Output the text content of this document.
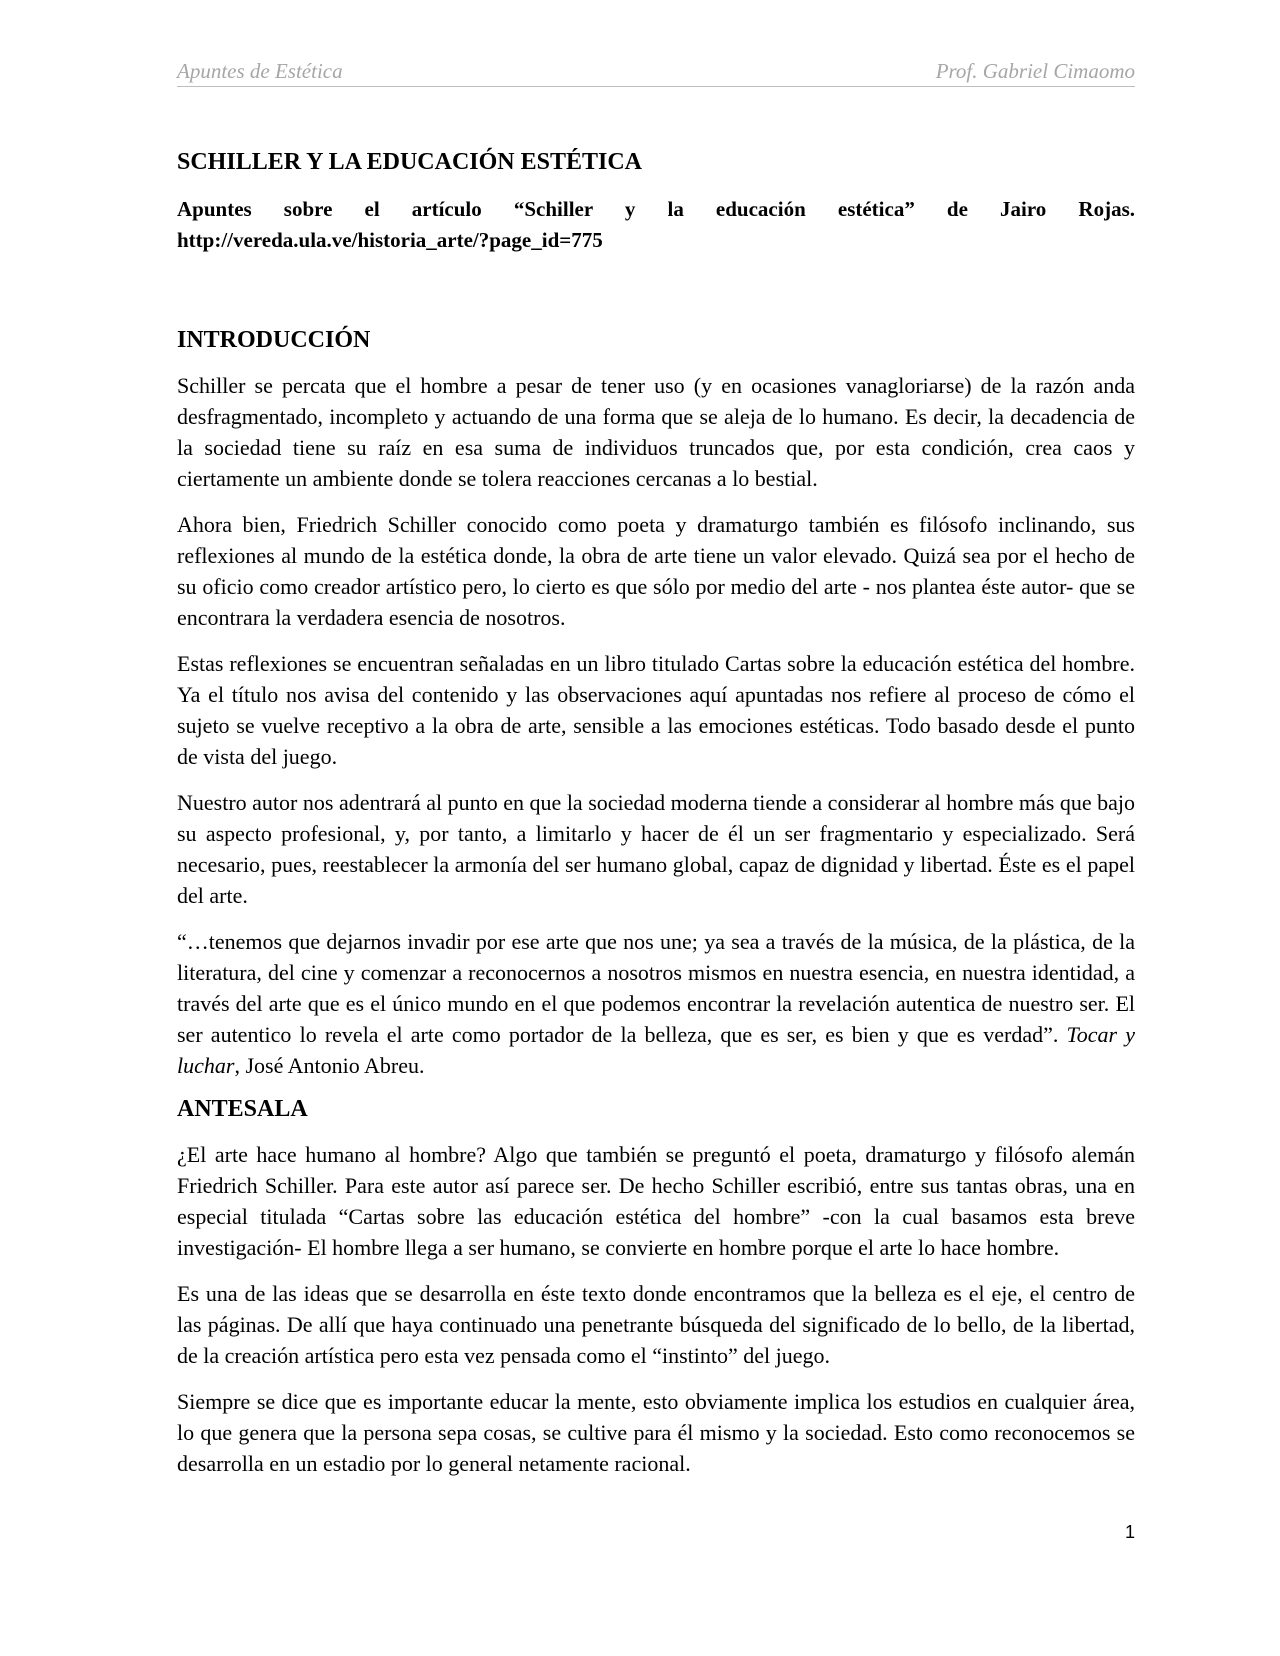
Apuntes de Estética	Prof. Gabriel Cimaomo
SCHILLER Y LA EDUCACIÓN ESTÉTICA

Apuntes sobre el artículo “Schiller y la educación estética” de Jairo Rojas.
http://vereda.ula.ve/historia_arte/?page_id=775

INTRODUCCIÓN

Schiller se percata que el hombre a pesar de tener uso (y en ocasiones vanagloriarse) de la razón anda desfragmentado, incompleto y actuando de una forma que se aleja de lo humano. Es decir, la decadencia de la sociedad tiene su raíz en esa suma de individuos truncados que, por esta condición, crea caos y ciertamente un ambiente donde se tolera reacciones cercanas a lo bestial.

Ahora bien, Friedrich Schiller conocido como poeta y dramaturgo también es filósofo inclinando, sus reflexiones al mundo de la estética donde, la obra de arte tiene un valor elevado. Quizá sea por el hecho de su oficio como creador artístico pero, lo cierto es que sólo por medio del arte - nos plantea éste autor- que se encontrara la verdadera esencia de nosotros.

Estas reflexiones se encuentran señaladas en un libro titulado Cartas sobre la educación estética del hombre. Ya el título nos avisa del contenido y las observaciones aquí apuntadas nos refiere al proceso de cómo el sujeto se vuelve receptivo a la obra de arte, sensible a las emociones estéticas. Todo basado desde el punto de vista del juego.

Nuestro autor nos adentrará al punto en que la sociedad moderna tiende a considerar al hombre más que bajo su aspecto profesional, y, por tanto, a limitarlo y hacer de él un ser fragmentario y especializado. Será necesario, pues, reestablecer la armonía del ser humano global, capaz de dignidad y libertad. Éste es el papel del arte.

“…tenemos que dejarnos invadir por ese arte que nos une; ya sea a través de la música, de la plástica, de la literatura, del cine y comenzar a reconocernos a nosotros mismos en nuestra esencia, en nuestra identidad, a través del arte que es el único mundo en el que podemos encontrar la revelación autentica de nuestro ser. El ser autentico lo revela el arte como portador de la belleza, que es ser, es bien y que es verdad”. Tocar y luchar, José Antonio Abreu.

ANTESALA

¿El arte hace humano al hombre? Algo que también se preguntó el poeta, dramaturgo y filósofo alemán Friedrich Schiller. Para este autor así parece ser. De hecho Schiller escribió, entre sus tantas obras, una en especial titulada “Cartas sobre las educación estética del hombre” -con la cual basamos esta breve investigación- El hombre llega a ser humano, se convierte en hombre porque el arte lo hace hombre.

Es una de las ideas que se desarrolla en éste texto donde encontramos que la belleza es el eje, el centro de las páginas. De allí que haya continuado una penetrante búsqueda del significado de lo bello, de la libertad, de la creación artística pero esta vez pensada como el “instinto” del juego.

Siempre se dice que es importante educar la mente, esto obviamente implica los estudios en cualquier área, lo que genera que la persona sepa cosas, se cultive para él mismo y la sociedad. Esto como reconocemos se desarrolla en un estadio por lo general netamente racional.

1
